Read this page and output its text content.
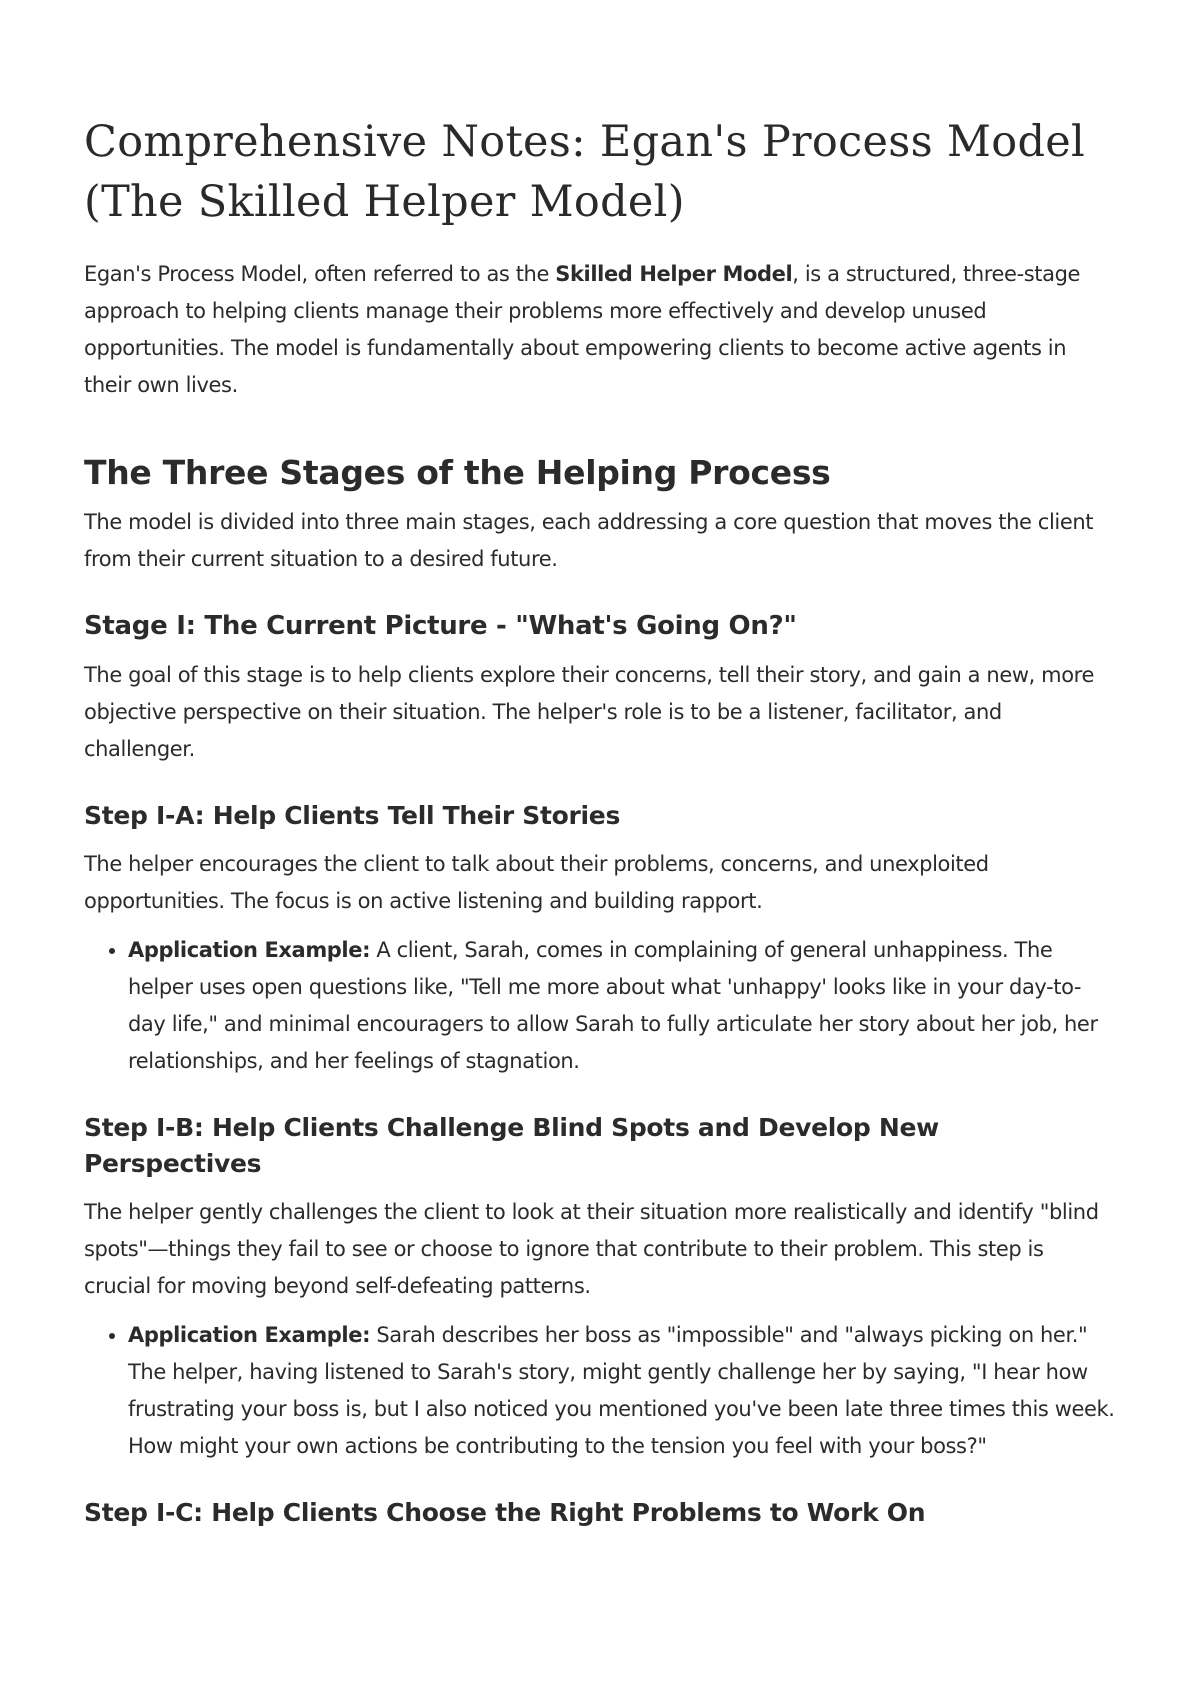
Comprehensive Notes: Egan's Process Model (The Skilled Helper Model)

Egan's Process Model, often referred to as the Skilled Helper Model, is a structured, three-stage approach to helping clients manage their problems more effectively and develop unused opportunities. The model is fundamentally about empowering clients to become active agents in their own lives.

The Three Stages of the Helping Process

The model is divided into three main stages, each addressing a core question that moves the client from their current situation to a desired future.

Stage I: The Current Picture - "What's Going On?"

The goal of this stage is to help clients explore their concerns, tell their story, and gain a new, more objective perspective on their situation. The helper's role is to be a listener, facilitator, and challenger.

Step I-A: Help Clients Tell Their Stories

The helper encourages the client to talk about their problems, concerns, and unexploited opportunities. The focus is on active listening and building rapport.

• Application Example: A client, Sarah, comes in complaining of general unhappiness. The helper uses open questions like, "Tell me more about what 'unhappy' looks like in your day-to-day life," and minimal encouragers to allow Sarah to fully articulate her story about her job, her relationships, and her feelings of stagnation.
Step I-B: Help Clients Challenge Blind Spots and Develop New Perspectives

The helper gently challenges the client to look at their situation more realistically and identify "blind spots"—things they fail to see or choose to ignore that contribute to their problem. This step is crucial for moving beyond self-defeating patterns.

• Application Example: Sarah describes her boss as "impossible" and "always picking on her." The helper, having listened to Sarah's story, might gently challenge her by saying, "I hear how frustrating your boss is, but I also noticed you mentioned you've been late three times this week. How might your own actions be contributing to the tension you feel with your boss?"
Step I-C: Help Clients Choose the Right Problems to Work On
